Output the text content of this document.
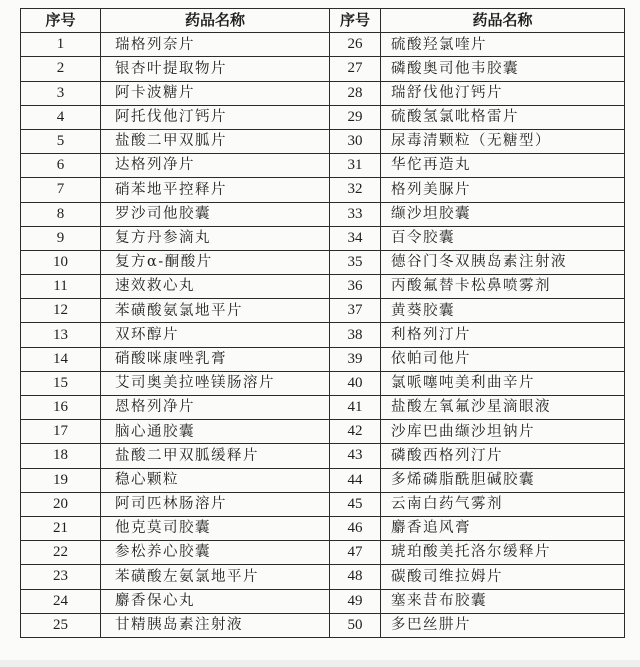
序号	药品名称	序号	药品名称
1	瑞格列奈片	26	硫酸羟氯喹片
2	银杏叶提取物片	27	磷酸奥司他韦胶囊
3	阿卡波糖片	28	瑞舒伐他汀钙片
4	阿托伐他汀钙片	29	硫酸氢氯吡格雷片
5	盐酸二甲双胍片	30	尿毒清颗粒（无糖型）
6	达格列净片	31	华佗再造丸
7	硝苯地平控释片	32	格列美脲片
8	罗沙司他胶囊	33	缬沙坦胶囊
9	复方丹参滴丸	34	百令胶囊
10	复方α-酮酸片	35	德谷门冬双胰岛素注射液
11	速效救心丸	36	丙酸氟替卡松鼻喷雾剂
12	苯磺酸氨氯地平片	37	黄葵胶囊
13	双环醇片	38	利格列汀片
14	硝酸咪康唑乳膏	39	依帕司他片
15	艾司奥美拉唑镁肠溶片	40	氯哌噻吨美利曲辛片
16	恩格列净片	41	盐酸左氧氟沙星滴眼液
17	脑心通胶囊	42	沙库巴曲缬沙坦钠片
18	盐酸二甲双胍缓释片	43	磷酸西格列汀片
19	稳心颗粒	44	多烯磷脂酰胆碱胶囊
20	阿司匹林肠溶片	45	云南白药气雾剂
21	他克莫司胶囊	46	麝香追风膏
22	参松养心胶囊	47	琥珀酸美托洛尔缓释片
23	苯磺酸左氨氯地平片	48	碳酸司维拉姆片
24	麝香保心丸	49	塞来昔布胶囊
25	甘精胰岛素注射液	50	多巴丝肼片
